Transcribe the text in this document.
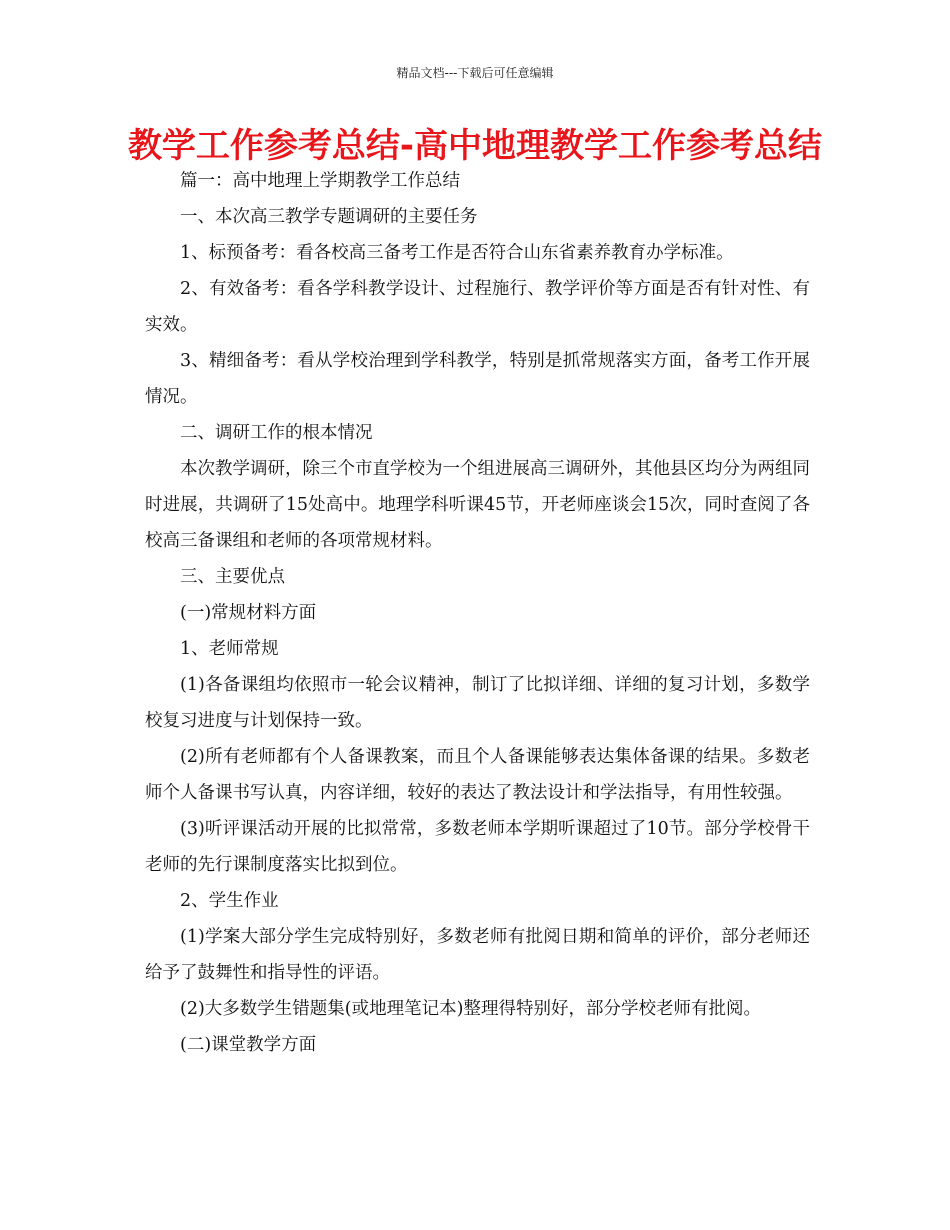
精品文档---下载后可任意编辑
教学工作参考总结-高中地理教学工作参考总结

篇一：高中地理上学期教学工作总结

一、本次高三教学专题调研的主要任务

1、标预备考：看各校高三备考工作是否符合山东省素养教育办学标准。

2、有效备考：看各学科教学设计、过程施行、教学评价等方面是否有针对性、有实效。

3、精细备考：看从学校治理到学科教学，特别是抓常规落实方面，备考工作开展情况。

二、调研工作的根本情况

本次教学调研，除三个市直学校为一个组进展高三调研外，其他县区均分为两组同时进展，共调研了15处高中。地理学科听课45节，开老师座谈会15次，同时查阅了各校高三备课组和老师的各项常规材料。

三、主要优点

(一)常规材料方面

1、老师常规

(1)各备课组均依照市一轮会议精神，制订了比拟详细、详细的复习计划，多数学校复习进度与计划保持一致。

(2)所有老师都有个人备课教案，而且个人备课能够表达集体备课的结果。多数老师个人备课书写认真，内容详细，较好的表达了教法设计和学法指导，有用性较强。

(3)听评课活动开展的比拟常常，多数老师本学期听课超过了10节。部分学校骨干老师的先行课制度落实比拟到位。

2、学生作业

(1)学案大部分学生完成特别好，多数老师有批阅日期和简单的评价，部分老师还给予了鼓舞性和指导性的评语。

(2)大多数学生错题集(或地理笔记本)整理得特别好，部分学校老师有批阅。

(二)课堂教学方面
